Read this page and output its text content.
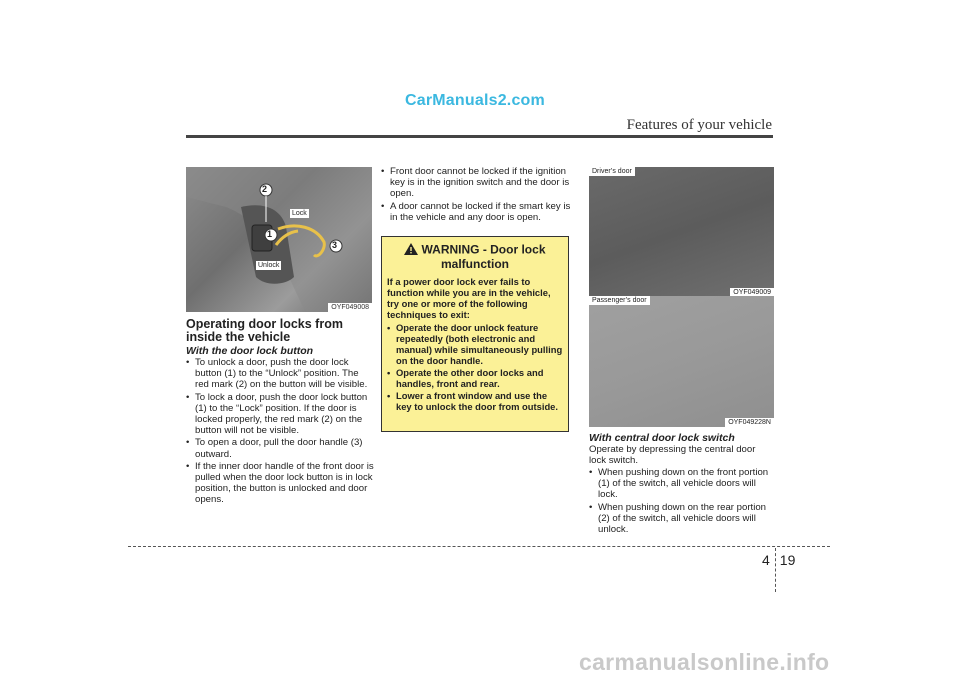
CarManuals2.com
Features of your vehicle
2
1
3
Lock
Unlock
OYF049008
Operating door locks from inside the vehicle
With the door lock button
• To unlock a door, push the door lock button (1) to the “Unlock” position. The red mark (2) on the button will be visible.
• To lock a door, push the door lock button (1) to the “Lock” position. If the door is locked properly, the red mark (2) on the button will not be visible.
• To open a door, pull the door handle (3) outward.
• If the inner door handle of the front door is pulled when the door lock button is in lock position, the button is unlocked and door opens.
• Front door cannot be locked if the ignition key is in the ignition switch and the door is open.
• A door cannot be locked if the smart key is in the vehicle and any door is open.
WARNING - Door lock malfunction
If a power door lock ever fails to function while you are in the vehicle, try one or more of the following techniques to exit:
• Operate the door unlock feature repeatedly (both electronic and manual) while simultaneously pulling on the door handle.
• Operate the other door locks and handles, front and rear.
• Lower a front window and use the key to unlock the door from outside.
Driver’s door
OYF049009
Passenger’s door
OYF049228N
With central door lock switch
Operate by depressing the central door lock switch.
• When pushing down on the front portion (1) of the switch, all vehicle doors will lock.
• When pushing down on the rear portion (2) of the switch, all vehicle doors will unlock.
4 19
carmanualsonline.info
